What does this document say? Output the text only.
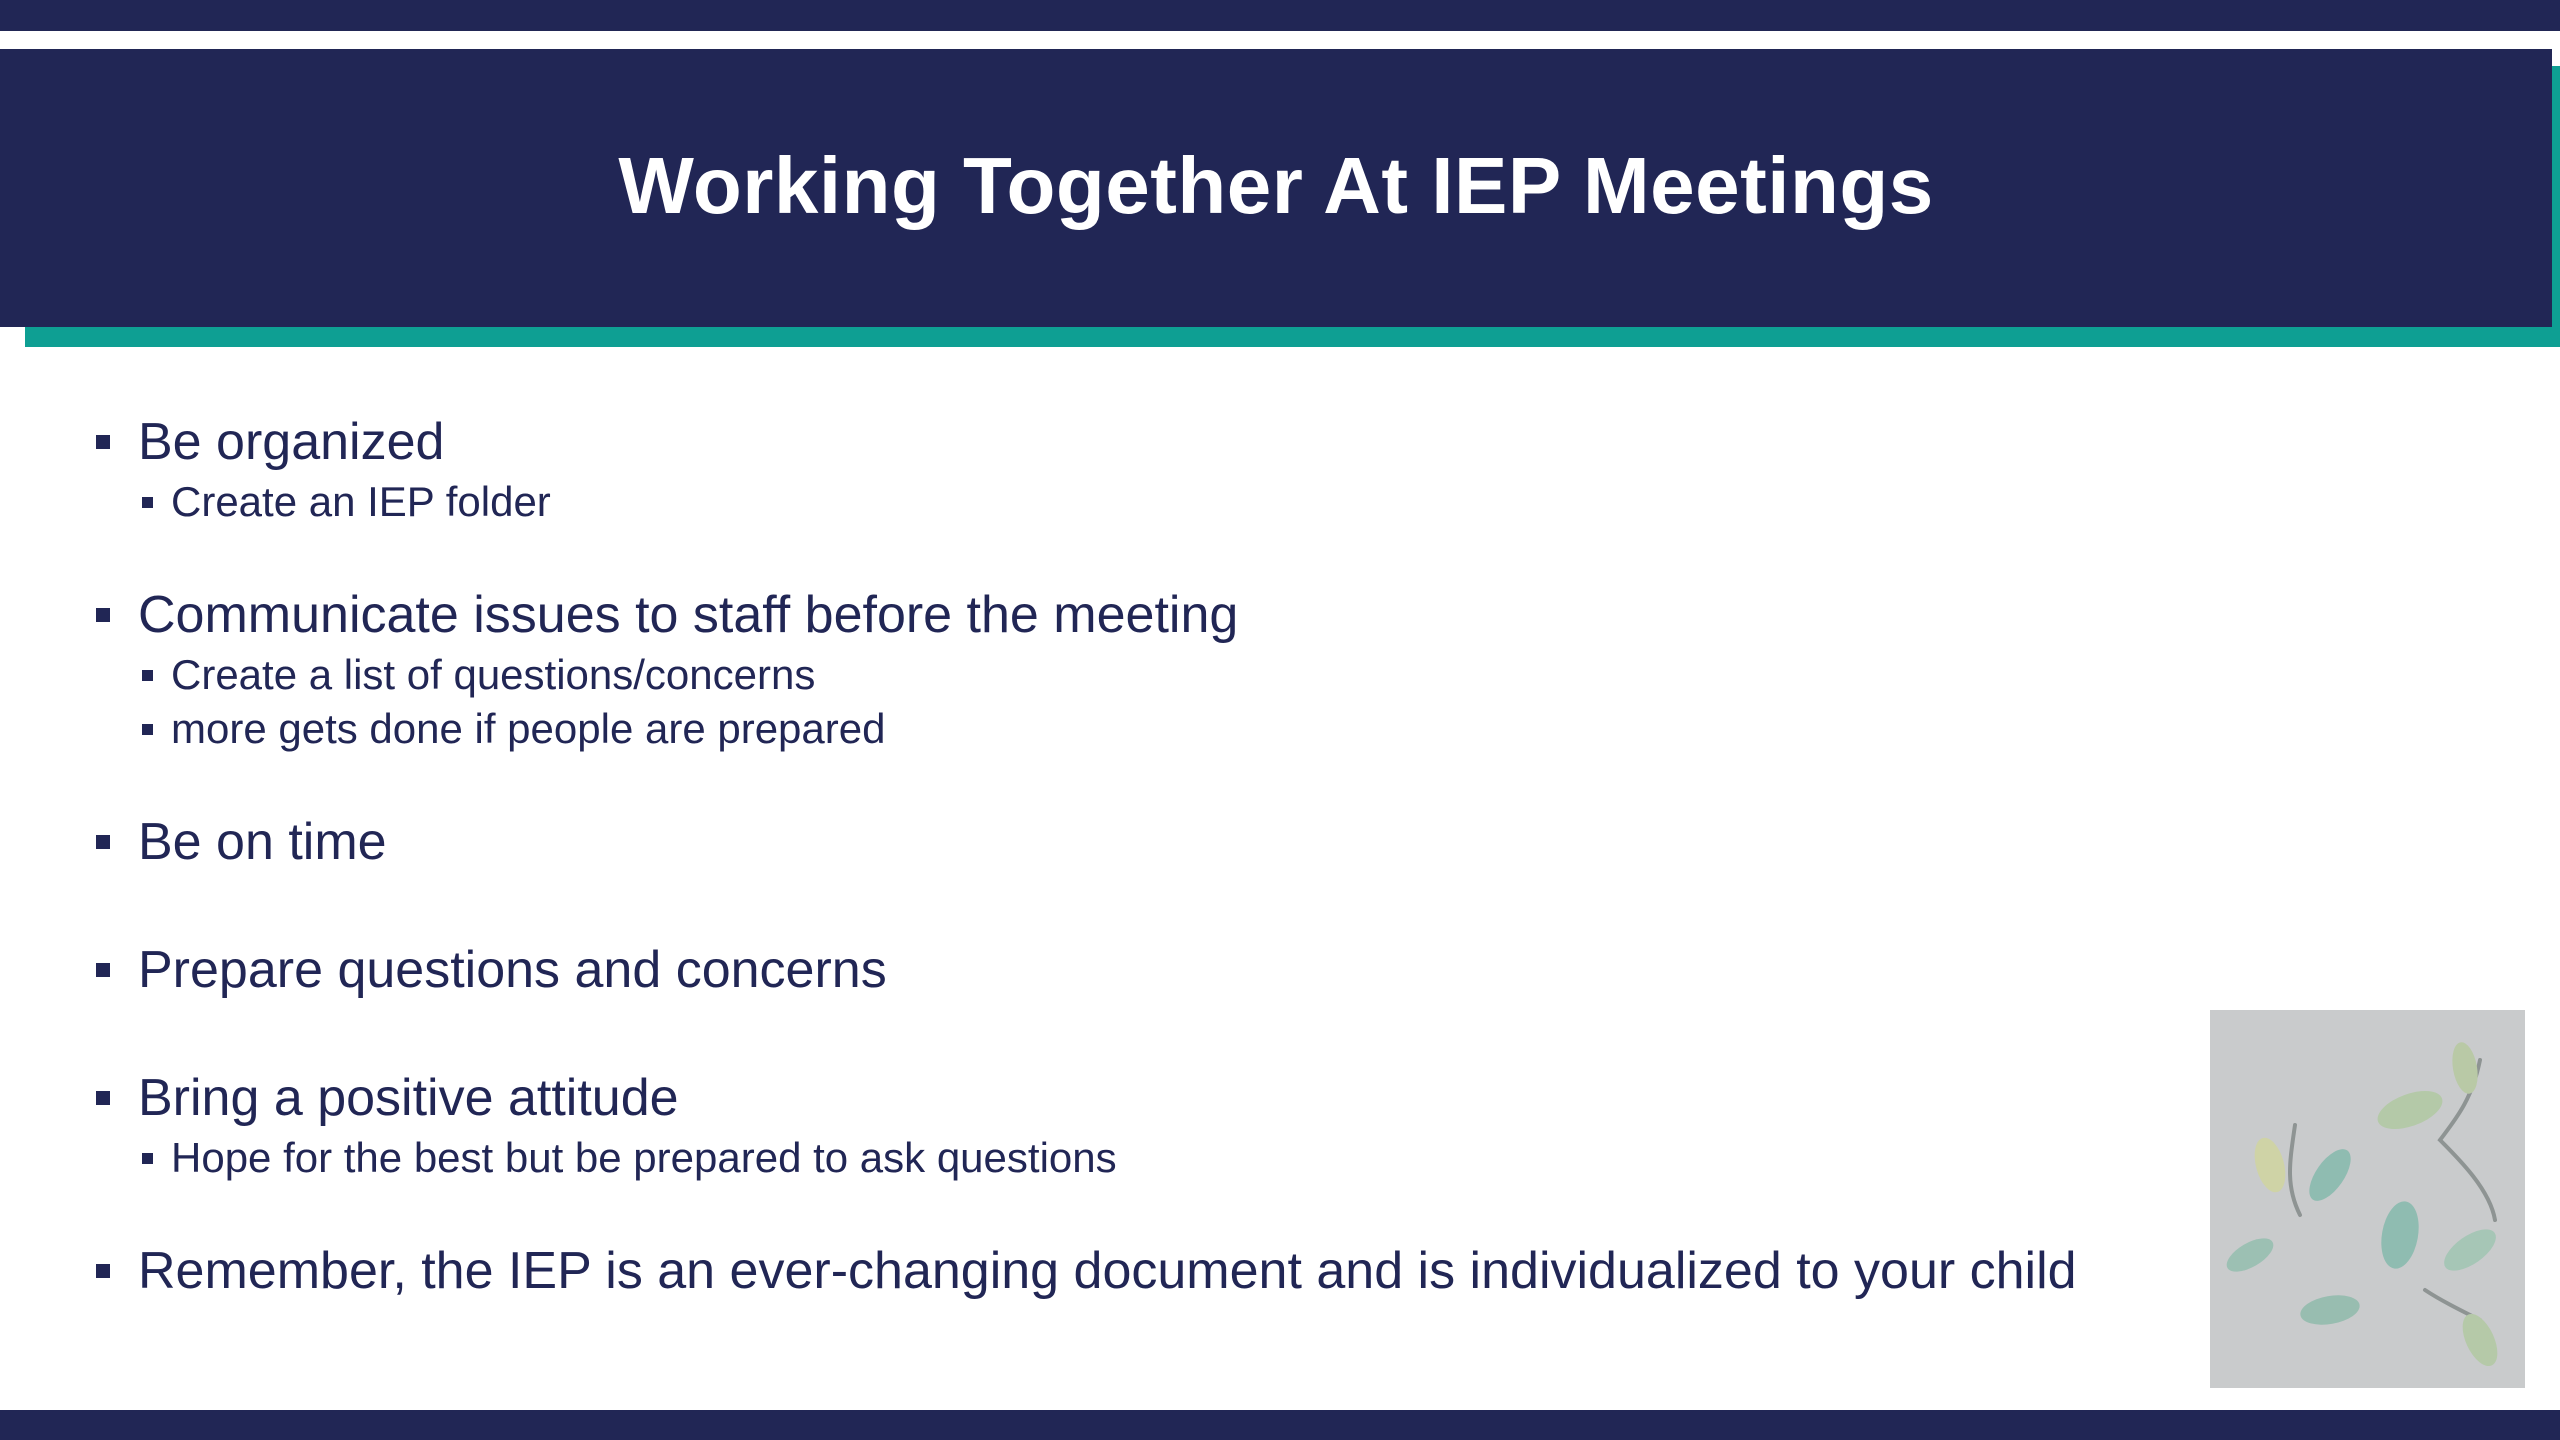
Working Together At IEP Meetings
Be organized
Create an IEP folder
Communicate issues to staff before the meeting
Create a list of questions/concerns
more gets done if people are prepared
Be on time
Prepare questions and concerns
Bring a positive attitude
Hope for the best but be prepared to ask questions
Remember, the IEP is an ever-changing document and is individualized to your child
